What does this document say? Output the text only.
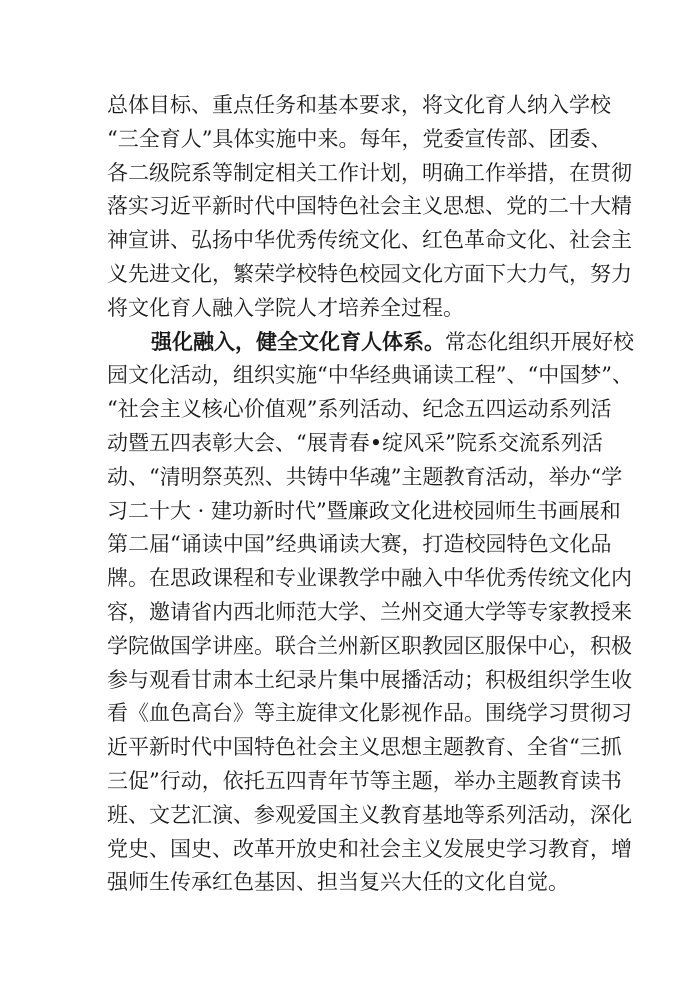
总体目标、重点任务和基本要求，将文化育人纳入学校
“三全育人”具体实施中来。每年，党委宣传部、团委、
各二级院系等制定相关工作计划，明确工作举措，在贯彻
落实习近平新时代中国特色社会主义思想、党的二十大精
神宣讲、弘扬中华优秀传统文化、红色革命文化、社会主
义先进文化，繁荣学校特色校园文化方面下大力气，努力
将文化育人融入学院人才培养全过程。
强化融入，健全文化育人体系。常态化组织开展好校
园文化活动，组织实施“中华经典诵读工程”、“中国梦”、
“社会主义核心价值观”系列活动、纪念五四运动系列活
动暨五四表彰大会、“展青春•绽风采”院系交流系列活
动、“清明祭英烈、共铸中华魂”主题教育活动，举办“学
习二十大 · 建功新时代”暨廉政文化进校园师生书画展和
第二届“诵读中国”经典诵读大赛，打造校园特色文化品
牌。在思政课程和专业课教学中融入中华优秀传统文化内
容，邀请省内西北师范大学、兰州交通大学等专家教授来
学院做国学讲座。联合兰州新区职教园区服保中心，积极
参与观看甘肃本土纪录片集中展播活动；积极组织学生收
看《血色高台》等主旋律文化影视作品。围绕学习贯彻习
近平新时代中国特色社会主义思想主题教育、全省“三抓
三促”行动，依托五四青年节等主题，举办主题教育读书
班、文艺汇演、参观爱国主义教育基地等系列活动，深化
党史、国史、改革开放史和社会主义发展史学习教育，增
强师生传承红色基因、担当复兴大任的文化自觉。
